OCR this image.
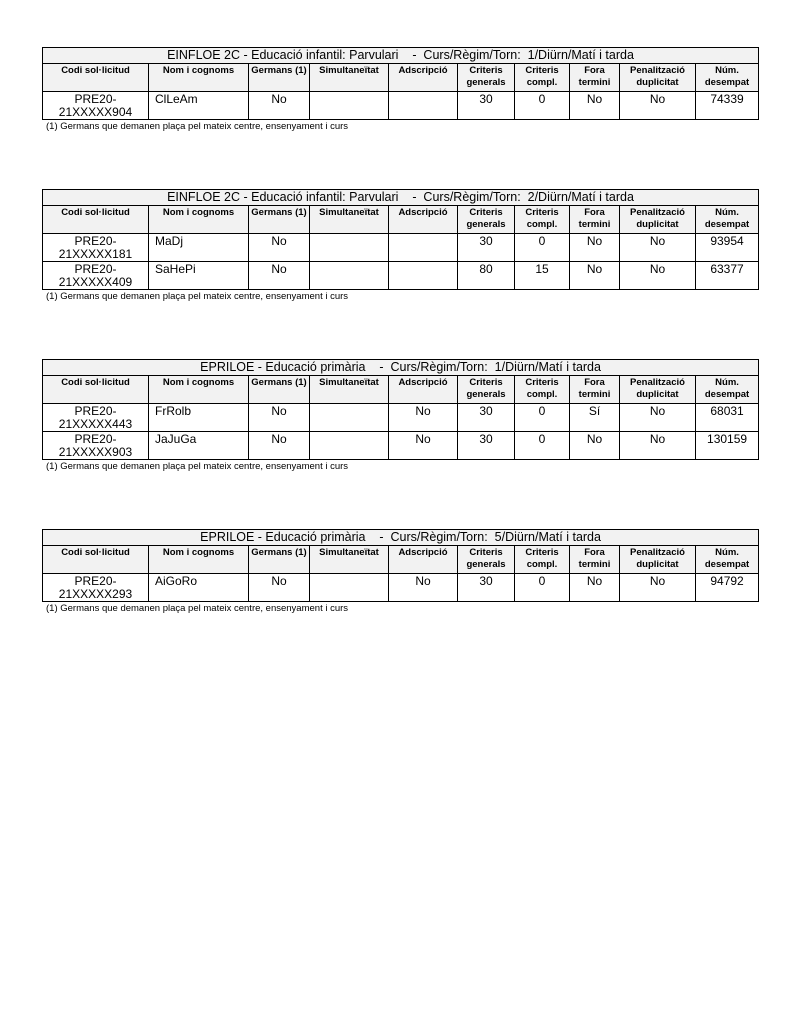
EINFLOE 2C - Educació infantil: Parvulari    -  Curs/Règim/Torn:  1/Diürn/Matí i tarda									
Codi sol·licitud	Nom i cognoms	Germans (1)	Simultaneïtat	Adscripció	Criteris generals	Criteris compl.	Fora termini	Penalització duplicitat	Núm. desempat
PRE20-21XXXXX904	ClLeAm	No			30	0	No	No	74339
(1) Germans que demanen plaça pel mateix centre, ensenyament i curs
EINFLOE 2C - Educació infantil: Parvulari    -  Curs/Règim/Torn:  2/Diürn/Matí i tarda									
Codi sol·licitud	Nom i cognoms	Germans (1)	Simultaneïtat	Adscripció	Criteris generals	Criteris compl.	Fora termini	Penalització duplicitat	Núm. desempat
PRE20-21XXXXX181	MaDj	No			30	0	No	No	93954
PRE20-21XXXXX409	SaHePi	No			80	15	No	No	63377
(1) Germans que demanen plaça pel mateix centre, ensenyament i curs
EPRILOE - Educació primària    -  Curs/Règim/Torn:  1/Diürn/Matí i tarda									
Codi sol·licitud	Nom i cognoms	Germans (1)	Simultaneïtat	Adscripció	Criteris generals	Criteris compl.	Fora termini	Penalització duplicitat	Núm. desempat
PRE20-21XXXXX443	FrRolb	No		No	30	0	Sí	No	68031
PRE20-21XXXXX903	JaJuGa	No		No	30	0	No	No	130159
(1) Germans que demanen plaça pel mateix centre, ensenyament i curs
EPRILOE - Educació primària    -  Curs/Règim/Torn:  5/Diürn/Matí i tarda									
Codi sol·licitud	Nom i cognoms	Germans (1)	Simultaneïtat	Adscripció	Criteris generals	Criteris compl.	Fora termini	Penalització duplicitat	Núm. desempat
PRE20-21XXXXX293	AiGoRo	No		No	30	0	No	No	94792
(1) Germans que demanen plaça pel mateix centre, ensenyament i curs
